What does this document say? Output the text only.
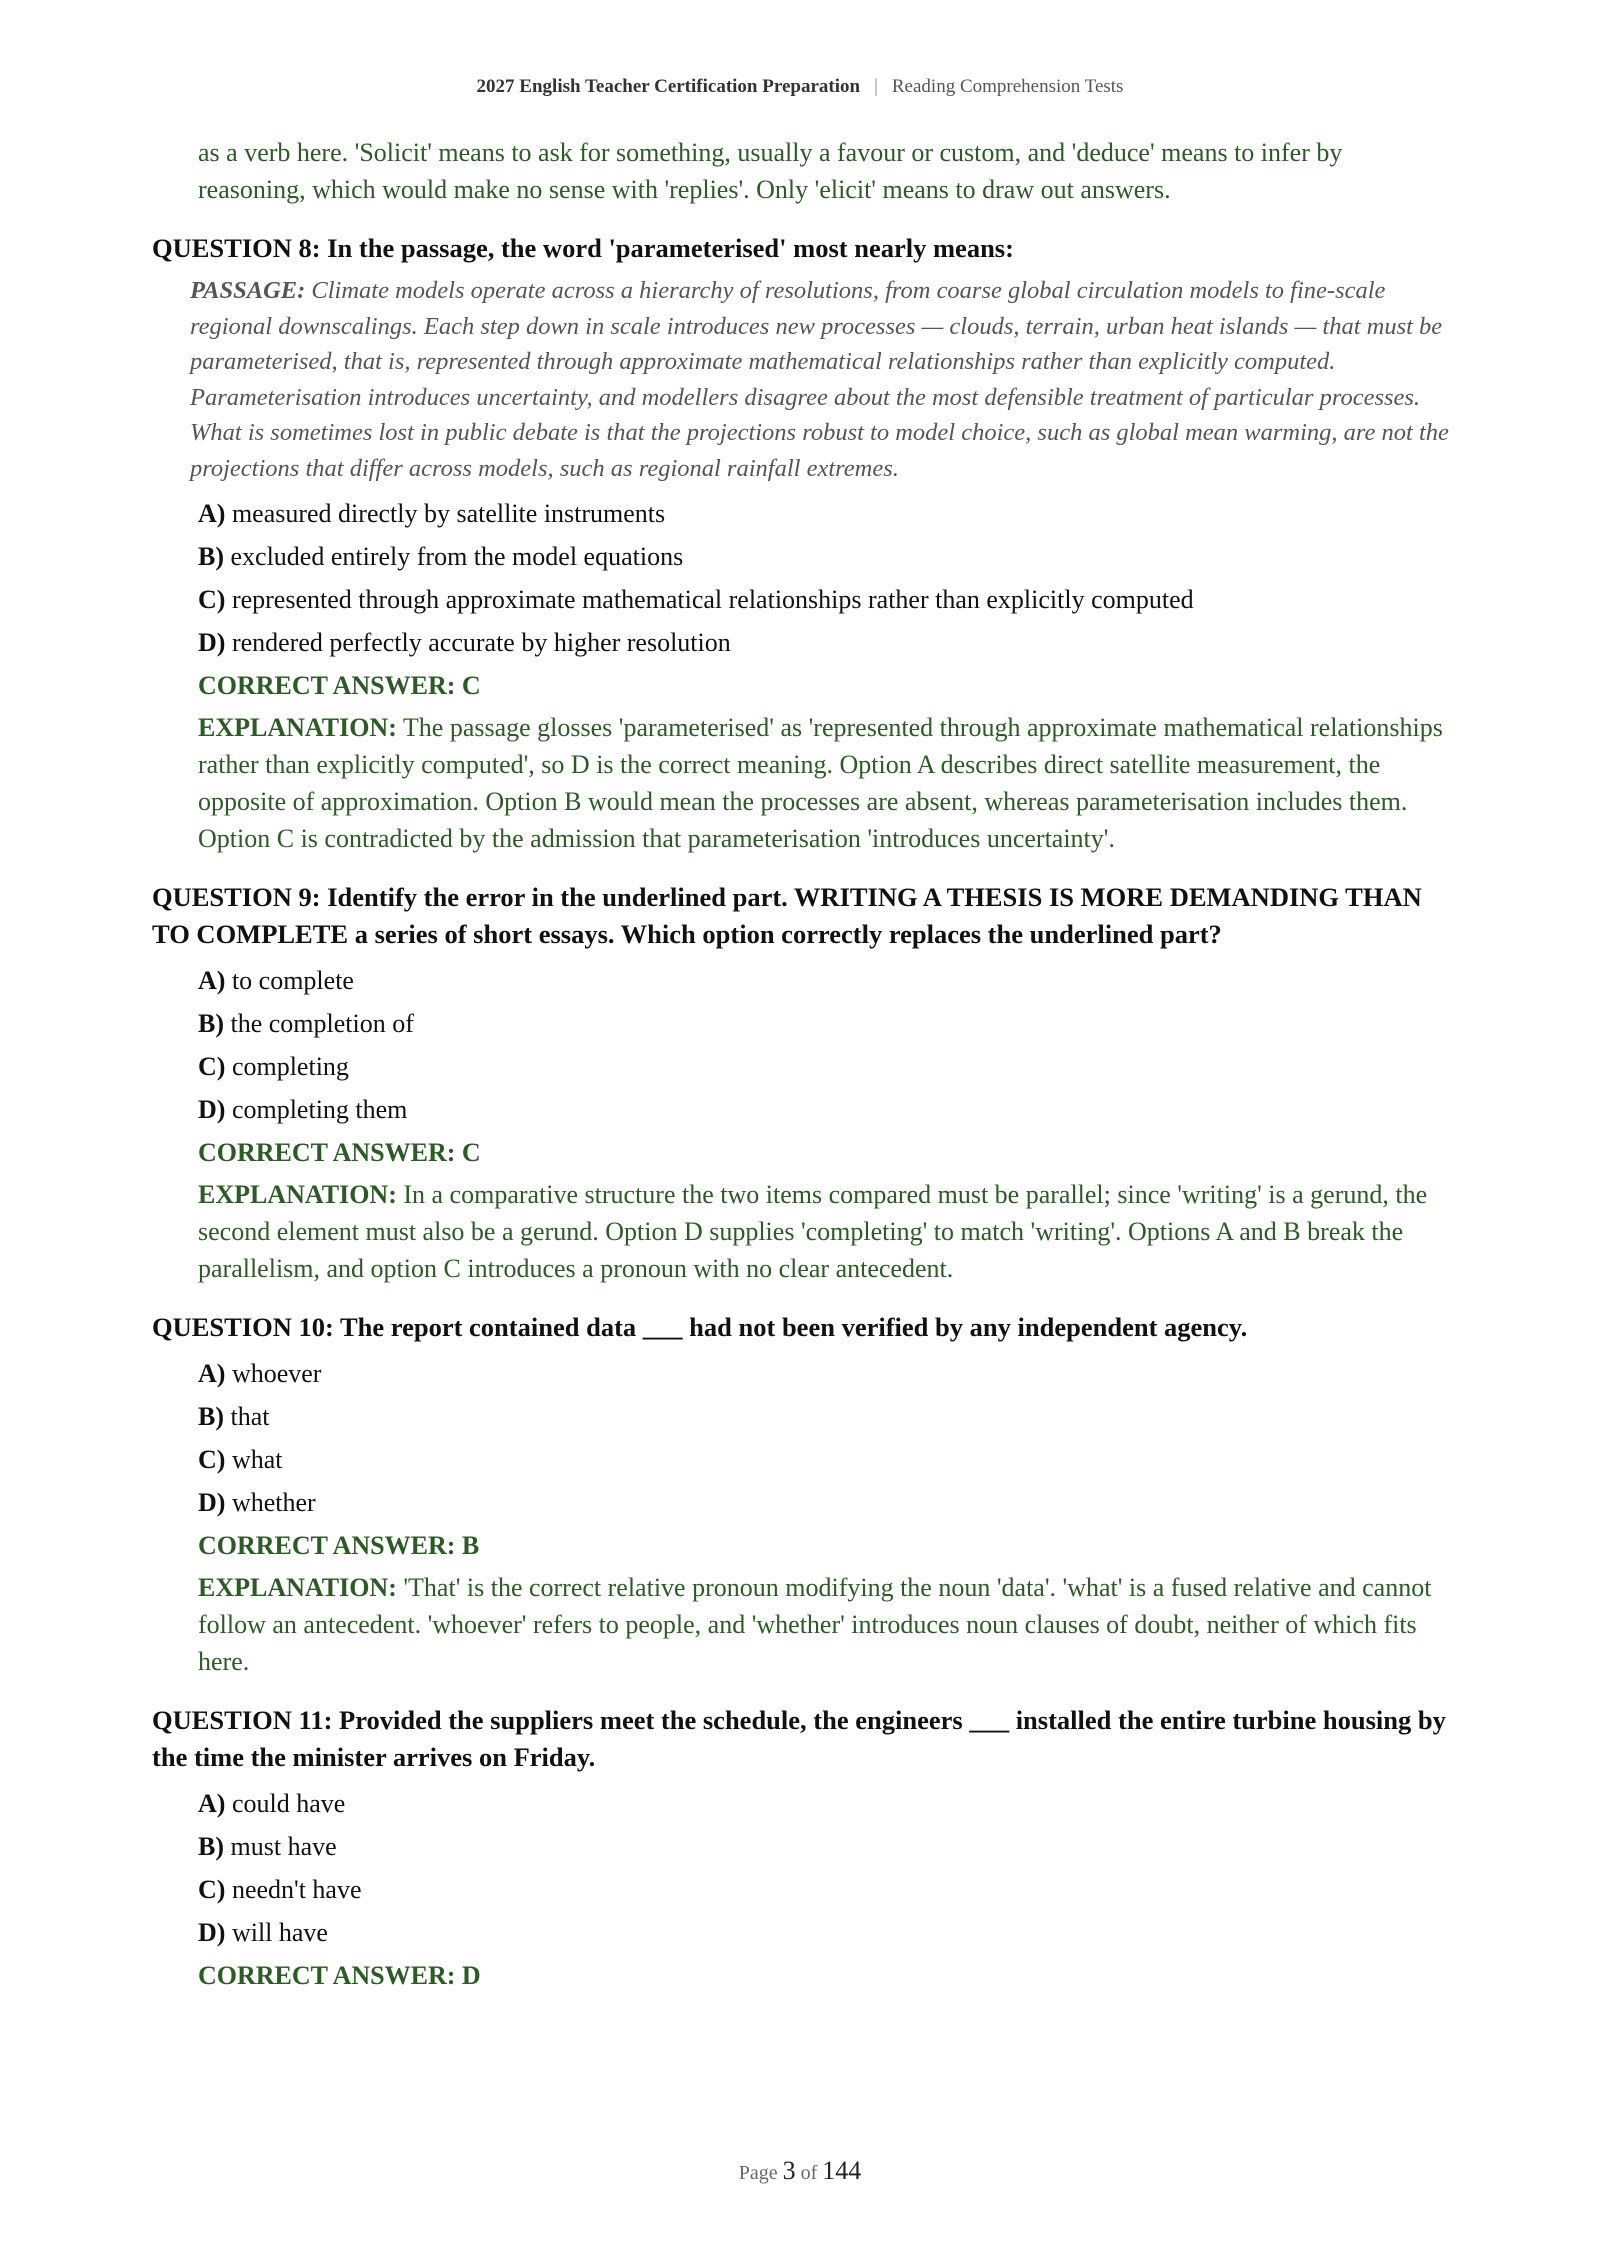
2027 English Teacher Certification Preparation | Reading Comprehension Tests
as a verb here. 'Solicit' means to ask for something, usually a favour or custom, and 'deduce' means to infer by reasoning, which would make no sense with 'replies'. Only 'elicit' means to draw out answers.
QUESTION 8: In the passage, the word 'parameterised' most nearly means:
PASSAGE: Climate models operate across a hierarchy of resolutions, from coarse global circulation models to fine-scale regional downscalings. Each step down in scale introduces new processes — clouds, terrain, urban heat islands — that must be parameterised, that is, represented through approximate mathematical relationships rather than explicitly computed. Parameterisation introduces uncertainty, and modellers disagree about the most defensible treatment of particular processes. What is sometimes lost in public debate is that the projections robust to model choice, such as global mean warming, are not the projections that differ across models, such as regional rainfall extremes.
A) measured directly by satellite instruments
B) excluded entirely from the model equations
C) represented through approximate mathematical relationships rather than explicitly computed
D) rendered perfectly accurate by higher resolution
CORRECT ANSWER: C
EXPLANATION: The passage glosses 'parameterised' as 'represented through approximate mathematical relationships rather than explicitly computed', so D is the correct meaning. Option A describes direct satellite measurement, the opposite of approximation. Option B would mean the processes are absent, whereas parameterisation includes them. Option C is contradicted by the admission that parameterisation 'introduces uncertainty'.
QUESTION 9: Identify the error in the underlined part. WRITING A THESIS IS MORE DEMANDING THAN TO COMPLETE a series of short essays. Which option correctly replaces the underlined part?
A) to complete
B) the completion of
C) completing
D) completing them
CORRECT ANSWER: C
EXPLANATION: In a comparative structure the two items compared must be parallel; since 'writing' is a gerund, the second element must also be a gerund. Option D supplies 'completing' to match 'writing'. Options A and B break the parallelism, and option C introduces a pronoun with no clear antecedent.
QUESTION 10: The report contained data ___ had not been verified by any independent agency.
A) whoever
B) that
C) what
D) whether
CORRECT ANSWER: B
EXPLANATION: 'That' is the correct relative pronoun modifying the noun 'data'. 'what' is a fused relative and cannot follow an antecedent. 'whoever' refers to people, and 'whether' introduces noun clauses of doubt, neither of which fits here.
QUESTION 11: Provided the suppliers meet the schedule, the engineers ___ installed the entire turbine housing by the time the minister arrives on Friday.
A) could have
B) must have
C) needn't have
D) will have
CORRECT ANSWER: D
Page 3 of 144
